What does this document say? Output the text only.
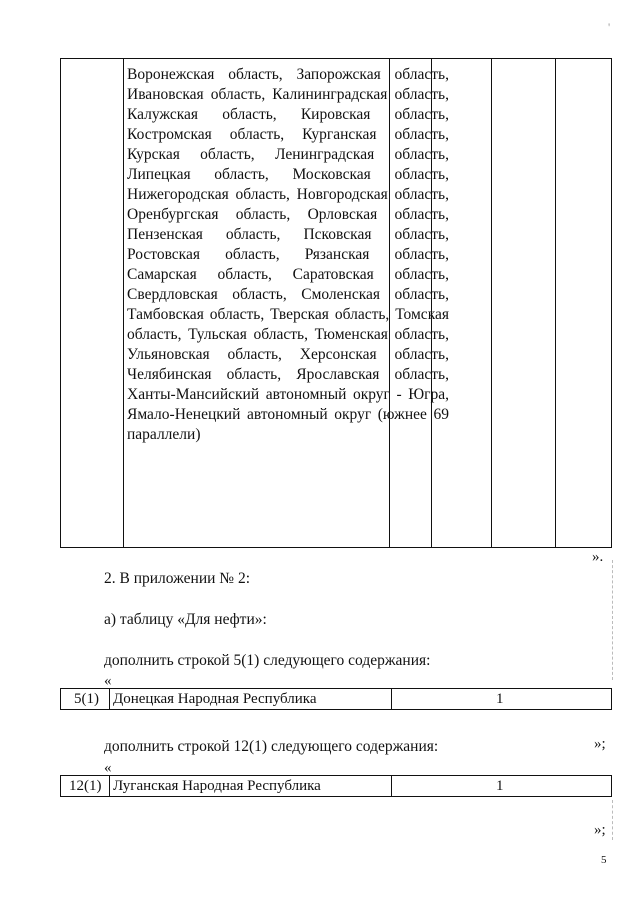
'

Воронежская область, Запорожская область, Ивановская область, Калининградская область, Калужская область, Кировская область, Костромская область, Курганская область, Курская область, Ленинградская область, Липецкая область, Московская область, Нижегородская область, Новгородская область, Оренбургская область, Орловская область, Пензенская область, Псковская область, Ростовская область, Рязанская область, Самарская область, Саратовская область, Свердловская область, Смоленская область, Тамбовская область, Тверская область, Томская область, Тульская область, Тюменская область, Ульяновская область, Херсонская область, Челябинская область, Ярославская область, Ханты-Мансийский автономный округ - Югра, Ямало-Ненецкий автономный округ (южнее 69 параллели)

».

2. В приложении № 2:

а) таблицу «Для нефти»:

дополнить строкой 5(1) следующего содержания:

«
5(1) Донецкая Народная Республика	1
»;

дополнить строкой 12(1) следующего содержания:

«
12(1) Луганская Народная Республика	1
»;
5
